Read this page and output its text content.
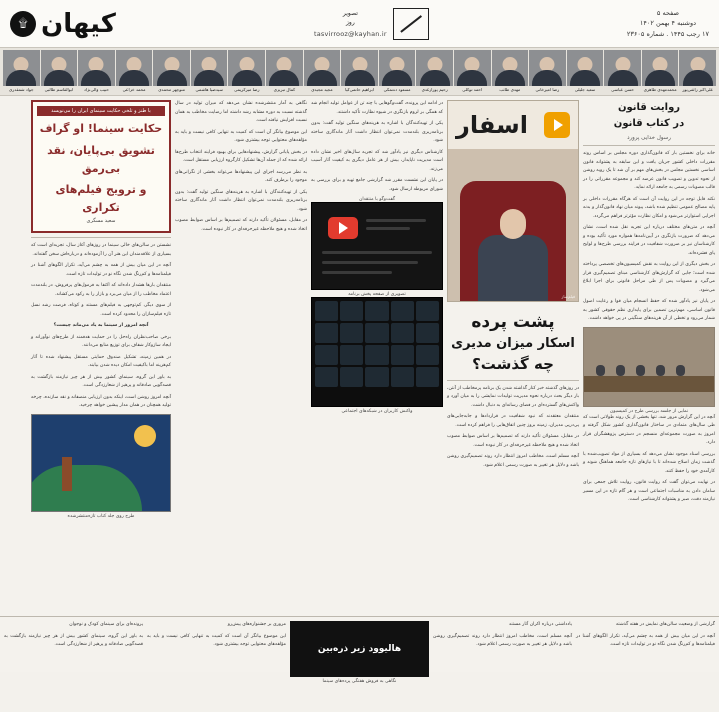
صفحه ۵
دوشنبه ۴ بهمن ۱۴۰۲
۱۷ رجب ۱۴۴۵ . شماره ۲۳۶۰۵
تصویر
روز
tasvirrooz@kayhan.ir
كيهان
۩
علی‌اکبر رائفی‌پور
محمدمهدی طاهری
حسن عباسی
سعید جلیلی
رضا امیرخانی
مهدی طائب
احمد توکلی
رحیم پورازغدی
مسعود ده‌نمکی
ابراهیم حاتمی‌کیا
مجید مجیدی
کمال تبریزی
رضا میرکریمی
سیدضیا هاشمی
منوچهر محمدی
محمد خزاعی
حبیب والی‌نژاد
ابوالقاسم طالبی
جواد شمقدری
روایت قانون
در کتاب قانون
رسول خدایی پرورد

خانه برای نخستین بار که قانون‌گذاری دوره مجلس بر اساس روند مقررات داخلی کشور جریان یافت و این سابقه به پشتوانه قانون اساسی نخستین مجلس در بخش‌های مهم بر آن شد تا یک رویه روشن از نحوه تدوین و تصویب قانون عرضه کند و مجموعه مقرراتی را در قالب مصوبات رسمی به جامعه ارائه نماید.

نکته قابل توجه در این روایت آن است که هرگاه مقررات داخلی بر پایه مصالح عمومی تنظیم شده باشد، پیوند میان نهاد قانون‌گذار و بدنه اجرایی استوارتر می‌شود و امکان نظارت مؤثرتر فراهم می‌گردد.

آنچه در متن‌های مختلف درباره این تجربه نقل شده است، نشان می‌دهد که ضرورت بازنگری در آیین‌نامه‌ها همواره مورد تأکید بوده و کارشناسان نیز بر ضرورت شفافیت در فرایند بررسی طرح‌ها و لوایح پای فشرده‌اند.

در بخش دیگری از این روایت به نقش کمیسیون‌های تخصصی پرداخته شده است؛ جایی که گزارش‌های کارشناسی مبنای تصمیم‌گیری قرار می‌گیرد و مصوبات پس از طی مراحل قانونی برای اجرا ابلاغ می‌شود.

در پایان نیز یادآور شده که حفظ انسجام میان قوا و رعایت اصول قانون اساسی، مهم‌ترین تضمین برای پایداری نظم حقوقی کشور به شمار می‌رود و تخطی از آن هزینه‌های سنگینی در پی خواهد داشت.

نمایی از جلسه بررسی طرح در کمیسیون

آنچه در این گزارش مرور شد، تنها بخشی از یک روند طولانی است که طی سال‌های متمادی در ساختار قانون‌گذاری کشور شکل گرفته و امروز به صورت مجموعه‌ای منسجم در دسترس پژوهشگران قرار دارد.

بررسی اسناد موجود نشان می‌دهد که بسیاری از مواد تصویب‌شده با گذشت زمان اصلاح شده‌اند تا با نیازهای تازه جامعه هماهنگ شوند و کارآمدی خود را حفظ کنند.

در نهایت می‌توان گفت که روایت قانون، روایت تلاش جمعی برای سامان دادن به مناسبات اجتماعی است و هر گام تازه در این مسیر نیازمند دقت، صبر و پشتوانه کارشناسی است.

اسفار
فیلم‌ساز
پشت پرده
اسکار میزان مدیری
چه گذشت؟

در روزهای گذشته خبر کنار گذاشته شدن یک برنامه پرمخاطب از آنتن، بار دیگر بحث درباره نحوه مدیریت تولیدات نمایشی را به میان آورد و واکنش‌های گسترده‌ای در فضای رسانه‌ای به دنبال داشت.

منتقدان معتقدند که نبود شفافیت در قراردادها و جابه‌جایی‌های پی‌درپی مدیران، زمینه بروز چنین اتفاق‌هایی را فراهم کرده است.

در مقابل، مسئولان تأکید دارند که تصمیم‌ها بر اساس ضوابط مصوب اتخاذ شده و هیچ ملاحظه غیرحرفه‌ای در کار نبوده است.

آنچه مسلم است، مخاطب امروز انتظار دارد روند تصمیم‌گیری روشن باشد و دلایل هر تغییر به صورت رسمی اعلام شود.

در ادامه این پرونده، گفت‌وگوهایی با چند تن از عوامل تولید انجام شد که همگی بر لزوم بازنگری در شیوه نظارت تأکید داشتند.

یکی از تهیه‌کنندگان با اشاره به هزینه‌های سنگین تولید گفت: بدون برنامه‌ریزی بلندمدت نمی‌توان انتظار داشت آثار ماندگاری ساخته شود.

کارشناس دیگری نیز یادآور شد که تجربه سال‌های اخیر نشان داده است مدیریت ناپایدار، بیش از هر عامل دیگری به کیفیت آثار آسیب می‌زند.

در پایان این نشست مقرر شد گزارشی جامع تهیه و برای بررسی به شورای مربوطه ارسال شود.

گفت‌وگو با منتقدان
تصویری از صفحه پخش برنامه
واکنش کاربران در شبکه‌های اجتماعی

نگاهی به آمار منتشرشده نشان می‌دهد که میزان تولید در سال گذشته نسبت به دوره مشابه رشد داشته اما رضایت مخاطب به همان نسبت افزایش نیافته است.

این موضوع بیانگر آن است که کمیت به تنهایی کافی نیست و باید به مؤلفه‌های محتوایی توجه بیشتری شود.

در بخش پایانی گزارش، پیشنهادهایی برای بهبود فرایند انتخاب طرح‌ها ارائه شده که از جمله آن‌ها تشکیل کارگروه ارزیابی مستقل است.

به نظر می‌رسد اجرای این پیشنهادها می‌تواند بخشی از نگرانی‌های موجود را برطرف کند.

یکی از تهیه‌کنندگان با اشاره به هزینه‌های سنگین تولید گفت: بدون برنامه‌ریزی بلندمدت نمی‌توان انتظار داشت آثار ماندگاری ساخته شود.

در مقابل، مسئولان تأکید دارند که تصمیم‌ها بر اساس ضوابط مصوب اتخاذ شده و هیچ ملاحظه غیرحرفه‌ای در کار نبوده است.

با طنز و تلخی حکایت سینمای ایران را می‌نویسد
حکایت سینما! او گراف
تشویق بی‌پایان، نقد بی‌رمق
و ترویج فیلم‌های تکراری
سعید مسگری

نشستن در سالن‌های خالی سینما در روزهای آغاز سال، تجربه‌ای است که بسیاری از علاقه‌مندان این هنر آن را آزموده‌اند و درباره‌اش سخن گفته‌اند.

آنچه در این میان بیش از همه به چشم می‌آید، تکرار الگوهای آشنا در فیلمنامه‌ها و کم‌رنگ شدن نگاه نو در تولیدات تازه است.

منتقدان بارها هشدار داده‌اند که اکتفا به فرمول‌های پرفروش، در بلندمدت اعتماد مخاطب را از میان می‌برد و بازار را به رکود می‌کشاند.

از سوی دیگر، کم‌توجهی به فیلم‌های مستند و کوتاه، فرصت رشد نسل تازه فیلم‌سازان را محدود کرده است.

آنچه امروز از سینما به یاد می‌ماند چیست؟

برخی صاحب‌نظران راه‌حل را در حمایت هدفمند از طرح‌های نوآورانه و ایجاد سازوکار شفاف برای توزیع منابع می‌دانند.

در همین زمینه، تشکیل صندوق حمایتی مستقل پیشنهاد شده تا آثار کم‌هزینه اما باکیفیت امکان دیده شدن بیابند.

به باور این گروه، سینمای کشور بیش از هر چیز نیازمند بازگشت به قصه‌گویی صادقانه و پرهیز از شعارزدگی است.

آنچه امروز روشن است، اینکه بدون ارزیابی منصفانه و نقد سازنده، چرخه تولید همچنان در همان مدار پیشین خواهد چرخید.

طرح روی جلد کتاب تازه‌منتشرشده

گزارشی از وضعیت سالن‌های نمایش در هفته گذشته

آنچه در این میان بیش از همه به چشم می‌آید، تکرار الگوهای آشنا در فیلمنامه‌ها و کم‌رنگ شدن نگاه نو در تولیدات تازه است.

یادداشتی درباره اکران آثار مستند

آنچه مسلم است، مخاطب امروز انتظار دارد روند تصمیم‌گیری روشن باشد و دلایل هر تغییر به صورت رسمی اعلام شود.

هالیوود زیر ذره‌بین
نگاهی به فروش هفتگی پرده‌های سینما

مروری بر جشنواره‌های پیش‌رو

این موضوع بیانگر آن است که کمیت به تنهایی کافی نیست و باید به مؤلفه‌های محتوایی توجه بیشتری شود.

پرونده‌ای برای سینمای کودک و نوجوان

به باور این گروه، سینمای کشور بیش از هر چیز نیازمند بازگشت به قصه‌گویی صادقانه و پرهیز از شعارزدگی است.
